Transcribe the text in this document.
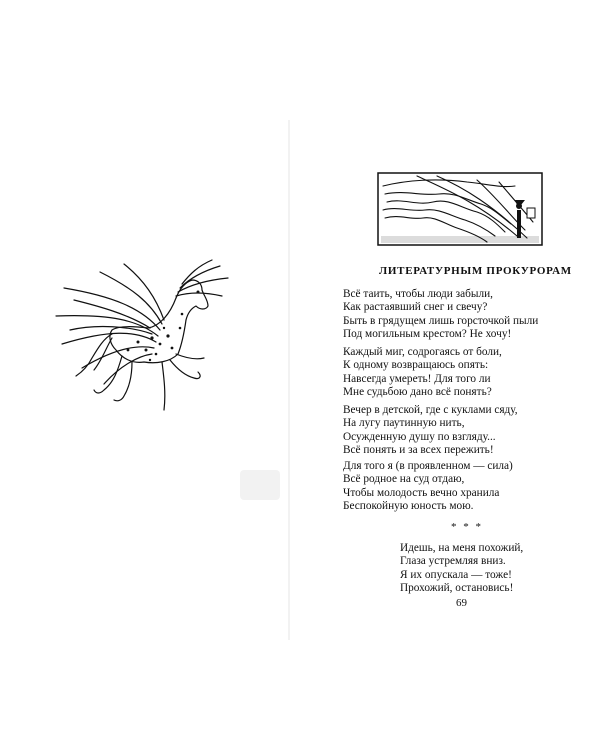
ЛИТЕРАТУРНЫМ ПРОКУРОРАМ
Всё таить, чтобы люди забыли,
Как растаявший снег и свечу?
Быть в грядущем лишь горсточкой пыли
Под могильным крестом? Не хочу!
Каждый миг, содрогаясь от боли,
К одному возвращаюсь опять:
Навсегда умереть! Для того ли
Мне судьбою дано всё понять?
Вечер в детской, где с куклами сяду,
На лугу паутинную нить,
Осужденную душу по взгляду...
Всё понять и за всех пережить!
Для того я (в проявленном — сила)
Всё родное на суд отдаю,
Чтобы молодость вечно хранила
Беспокойную юность мою.
* * *
Идешь, на меня похожий,
Глаза устремляя вниз.
Я их опускала — тоже!
Прохожий, остановись!
69
